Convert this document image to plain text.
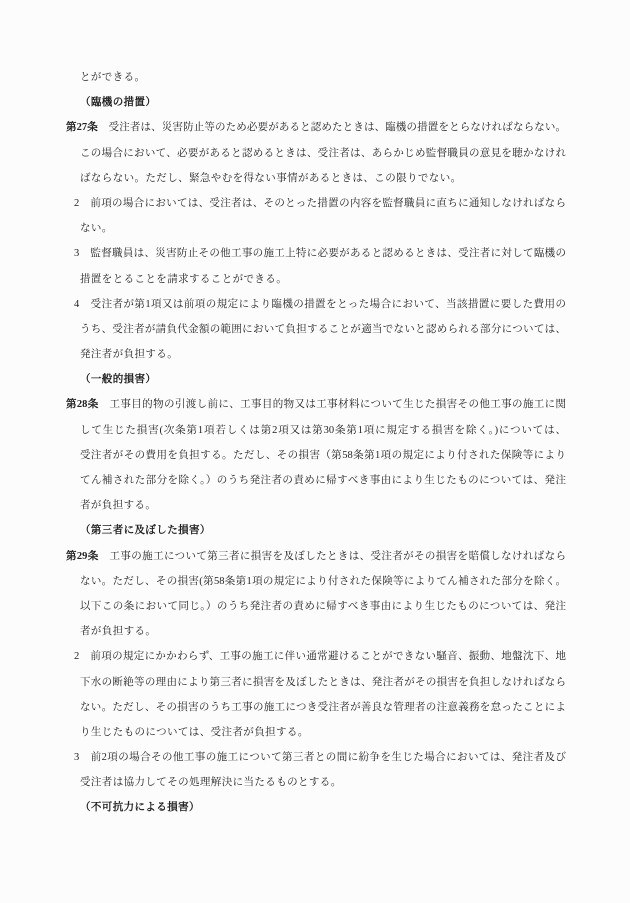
とができる。
（臨機の措置）
第27条　受注者は、災害防止等のため必要があると認めたときは、臨機の措置をとらなければならない。
この場合において、必要があると認めるときは、受注者は、あらかじめ監督職員の意見を聴かなけれ
ばならない。ただし、緊急やむを得ない事情があるときは、この限りでない。
2　前項の場合においては、受注者は、そのとった措置の内容を監督職員に直ちに通知しなければなら
ない。
3　監督職員は、災害防止その他工事の施工上特に必要があると認めるときは、受注者に対して臨機の
措置をとることを請求することができる。
4　受注者が第1項又は前項の規定により臨機の措置をとった場合において、当該措置に要した費用の
うち、受注者が請負代金額の範囲において負担することが適当でないと認められる部分については、
発注者が負担する。
（一般的損害）
第28条　工事目的物の引渡し前に、工事目的物又は工事材料について生じた損害その他工事の施工に関
して生じた損害(次条第1項若しくは第2項又は第30条第1項に規定する損害を除く。)については、
受注者がその費用を負担する。ただし、その損害（第58条第1項の規定により付された保険等により
てん補された部分を除く。）のうち発注者の責めに帰すべき事由により生じたものについては、発注
者が負担する。
（第三者に及ぼした損害）
第29条　工事の施工について第三者に損害を及ぼしたときは、受注者がその損害を賠償しなければなら
ない。ただし、その損害(第58条第1項の規定により付された保険等によりてん補された部分を除く。
以下この条において同じ。）のうち発注者の責めに帰すべき事由により生じたものについては、発注
者が負担する。
2　前項の規定にかかわらず、工事の施工に伴い通常避けることができない騒音、振動、地盤沈下、地
下水の断絶等の理由により第三者に損害を及ぼしたときは、発注者がその損害を負担しなければなら
ない。ただし、その損害のうち工事の施工につき受注者が善良な管理者の注意義務を怠ったことによ
り生じたものについては、受注者が負担する。
3　前2項の場合その他工事の施工について第三者との間に紛争を生じた場合においては、発注者及び
受注者は協力してその処理解決に当たるものとする。
（不可抗力による損害）
